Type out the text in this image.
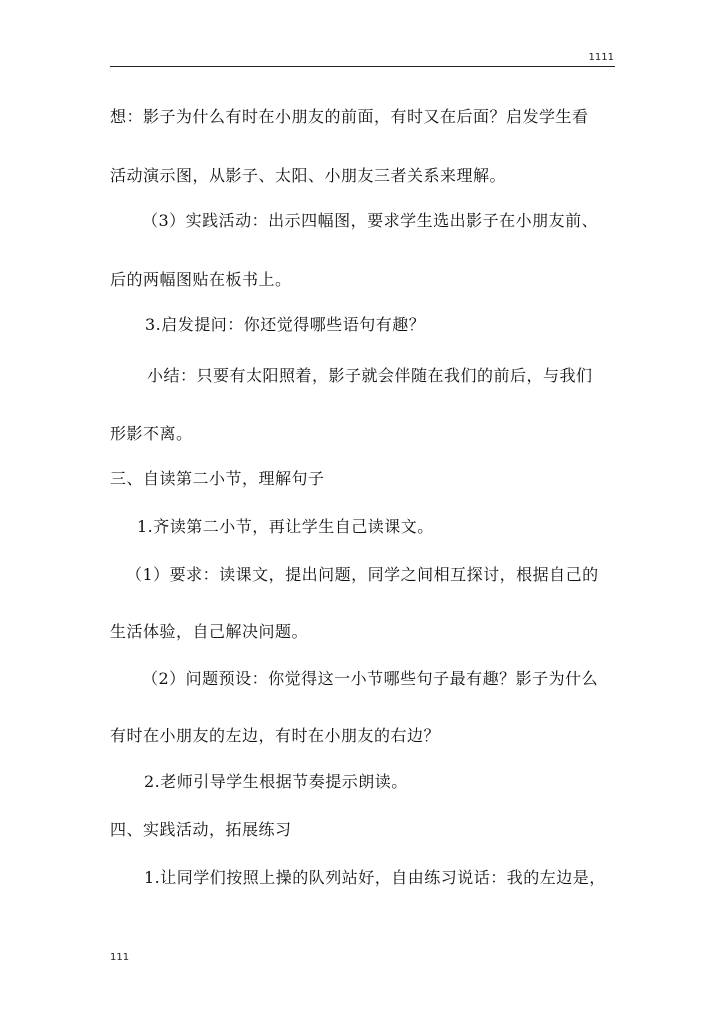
1111
想：影子为什么有时在小朋友的前面，有时又在后面？启发学生看
活动演示图，从影子、太阳、小朋友三者关系来理解。
（3）实践活动：出示四幅图，要求学生选出影子在小朋友前、
后的两幅图贴在板书上。
3.启发提问：你还觉得哪些语句有趣？
小结：只要有太阳照着，影子就会伴随在我们的前后，与我们
形影不离。
三、自读第二小节，理解句子
1.齐读第二小节，再让学生自己读课文。
（1）要求：读课文，提出问题，同学之间相互探讨，根据自己的
生活体验，自己解决问题。
（2）问题预设：你觉得这一小节哪些句子最有趣？影子为什么
有时在小朋友的左边，有时在小朋友的右边？
2.老师引导学生根据节奏提示朗读。
四、实践活动，拓展练习
1.让同学们按照上操的队列站好，自由练习说话：我的左边是，
111
